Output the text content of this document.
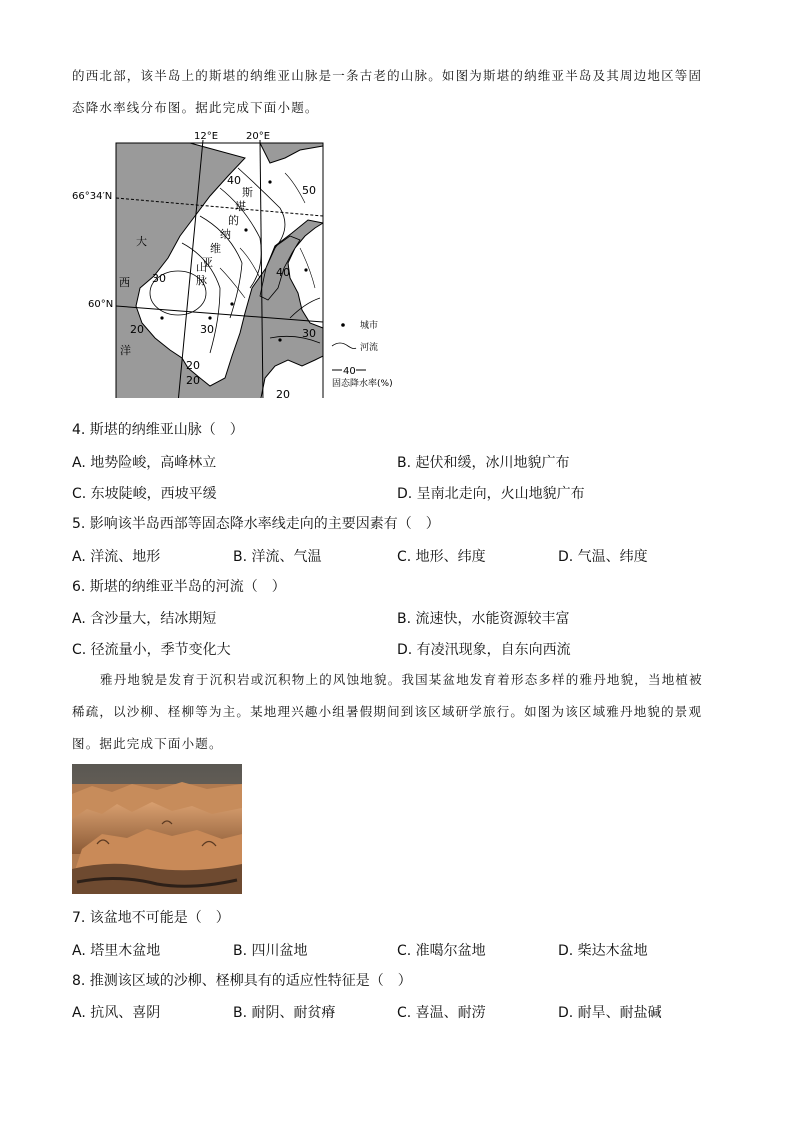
的西北部，该半岛上的斯堪的纳维亚山脉是一条古老的山脉。如图为斯堪的纳维亚半岛及其周边地区等固
态降水率线分布图。据此完成下面小题。
12°E	20°E
66°34′N
60°N
大
西
洋
斯
堪
的
纳
维
亚
山
脉
40
50
40
30
30	30
20
20
20
20
城市
河流
40
固态降水率(%)
4. 斯堪的纳维亚山脉（　）
A. 地势险峻，高峰林立	B. 起伏和缓，冰川地貌广布
C. 东坡陡峻，西坡平缓	D. 呈南北走向，火山地貌广布
5. 影响该半岛西部等固态降水率线走向的主要因素有（　）
A. 洋流、地形	B. 洋流、气温	C. 地形、纬度	D. 气温、纬度
6. 斯堪的纳维亚半岛的河流（　）
A. 含沙量大，结冰期短	B. 流速快，水能资源较丰富
C. 径流量小，季节变化大	D. 有凌汛现象，自东向西流
雅丹地貌是发育于沉积岩或沉积物上的风蚀地貌。我国某盆地发育着形态多样的雅丹地貌，当地植被
稀疏，以沙柳、柽柳等为主。某地理兴趣小组暑假期间到该区域研学旅行。如图为该区域雅丹地貌的景观
图。据此完成下面小题。
7. 该盆地不可能是（　）
A. 塔里木盆地	B. 四川盆地	C. 准噶尔盆地	D. 柴达木盆地
8. 推测该区域的沙柳、柽柳具有的适应性特征是（　）
A. 抗风、喜阴	B. 耐阴、耐贫瘠	C. 喜温、耐涝	D. 耐旱、耐盐碱
